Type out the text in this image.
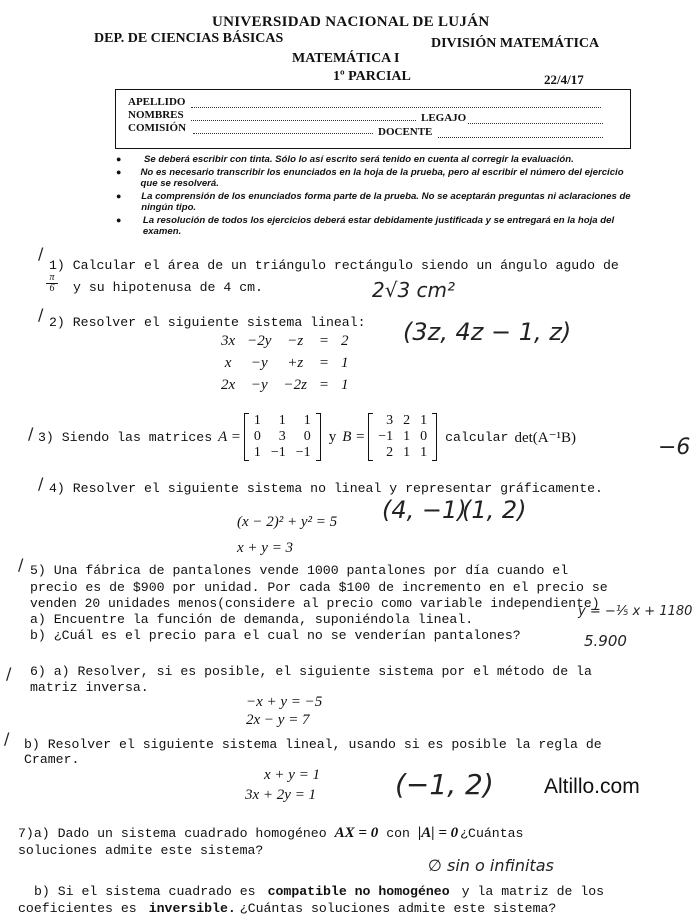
UNIVERSIDAD NACIONAL DE LUJÁN
DEP. DE CIENCIAS BÁSICAS	DIVISIÓN MATEMÁTICA
MATEMÁTICA I
1º PARCIAL	22/4/17
APELLIDO
NOMBRES	LEGAJO
COMISIÓN	DOCENTE
●	Se deberá escribir con tinta. Sólo lo así escrito será tenido en cuenta al corregir la evaluación.
●	No es necesario transcribir los enunciados en la hoja de la prueba, pero al escribir el número del ejercicio que se resolverá.
●	La comprensión de los enunciados forma parte de la prueba. No se aceptarán preguntas ni aclaraciones de ningún tipo.
●	La resolución de todos los ejercicios deberá estar debidamente justificada y se entregará en la hoja del examen.
/
1) Calcular el área de un triángulo rectángulo siendo un ángulo agudo de
$\frac{\pi}{6}$ y su hipotenusa de 4 cm.	2√3 cm²
/ 2) Resolver el siguiente sistema lineal:
3x	−2y	−z	=	2
x	−y	+z	=	1
2x	−y	−2z	=	1
(3z, 4z − 1, z)
/ 3) Siendo las matrices A =
1	1	1
0	3	0
1	−1	−1
y B =
3	2	1
−1	1	0
2	1	1
calcular det(A⁻¹B)	−6
/ 4) Resolver el siguiente sistema no lineal y representar gráficamente.
(x − 2)² + y² = 5
x + y = 3
(4, −1)
(1, 2)
/ 5) Una fábrica de pantalones vende 1000 pantalones por día cuando el
precio es de $900 por unidad. Por cada $100 de incremento en el precio se
venden 20 unidades menos(considere al precio como variable independiente)
a) Encuentre la función de demanda, suponiéndola lineal.
b) ¿Cuál es el precio para el cual no se venderían pantalones?
y = −⅕ x + 1180
5.900
/ 6) a) Resolver, si es posible, el siguiente sistema por el método de la
matriz inversa.
−x + y = −5
2x − y = 7
/ b) Resolver el siguiente sistema lineal, usando si es posible la regla de
Cramer.
x + y = 1
3x + 2y = 1	(−1, 2) Altillo.com
7)a) Dado un sistema cuadrado homogéneo AX = 0 con |A| = 0 ¿Cuántas
soluciones admite este sistema?
∅ sin o infinitas
b) Si el sistema cuadrado es compatible no homogéneo y la matriz de los
coeficientes es inversible. ¿Cuántas soluciones admite este sistema?
